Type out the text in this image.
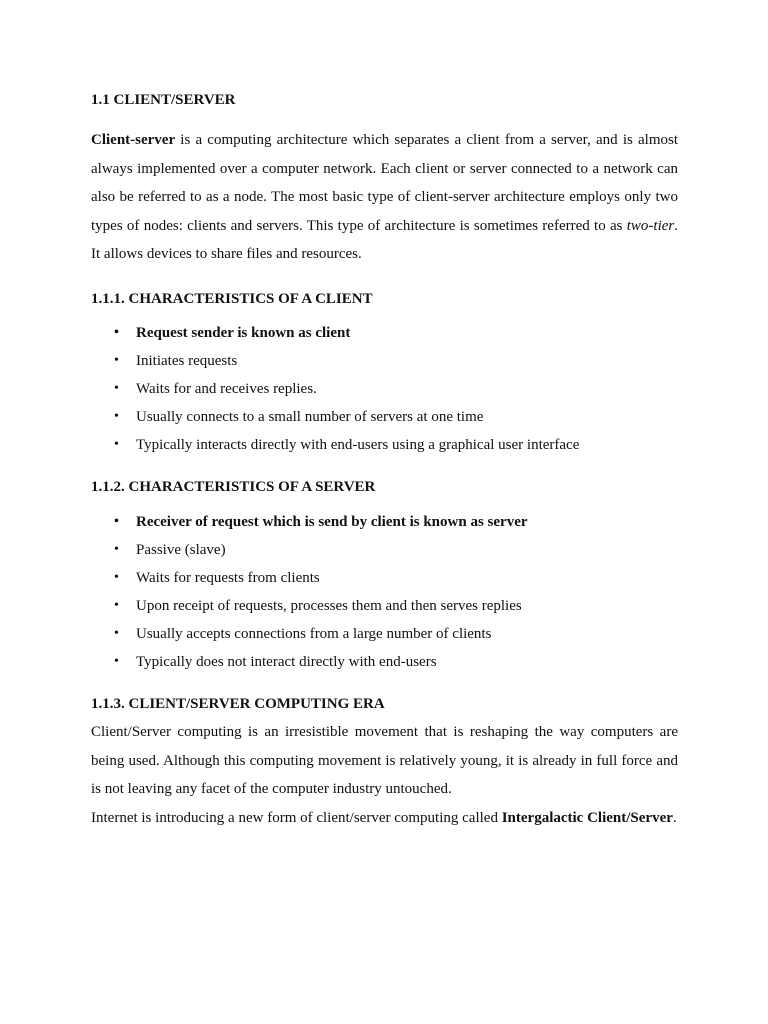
1.1 CLIENT/SERVER

Client-server is a computing architecture which separates a client from a server, and is almost always implemented over a computer network. Each client or server connected to a network can also be referred to as a node. The most basic type of client-server architecture employs only two types of nodes: clients and servers. This type of architecture is sometimes referred to as two-tier. It allows devices to share files and resources.

1.1.1. CHARACTERISTICS OF A CLIENT

• Request sender is known as client
• Initiates requests
• Waits for and receives replies.
• Usually connects to a small number of servers at one time
• Typically interacts directly with end-users using a graphical user interface

1.1.2. CHARACTERISTICS OF A SERVER

• Receiver of request which is send by client is known as server
• Passive (slave)
• Waits for requests from clients
• Upon receipt of requests, processes them and then serves replies
• Usually accepts connections from a large number of clients
• Typically does not interact directly with end-users

1.1.3. CLIENT/SERVER COMPUTING ERA

Client/Server computing is an irresistible movement that is reshaping the way computers are being used. Although this computing movement is relatively young, it is already in full force and is not leaving any facet of the computer industry untouched.

Internet is introducing a new form of client/server computing called Intergalactic Client/Server.
